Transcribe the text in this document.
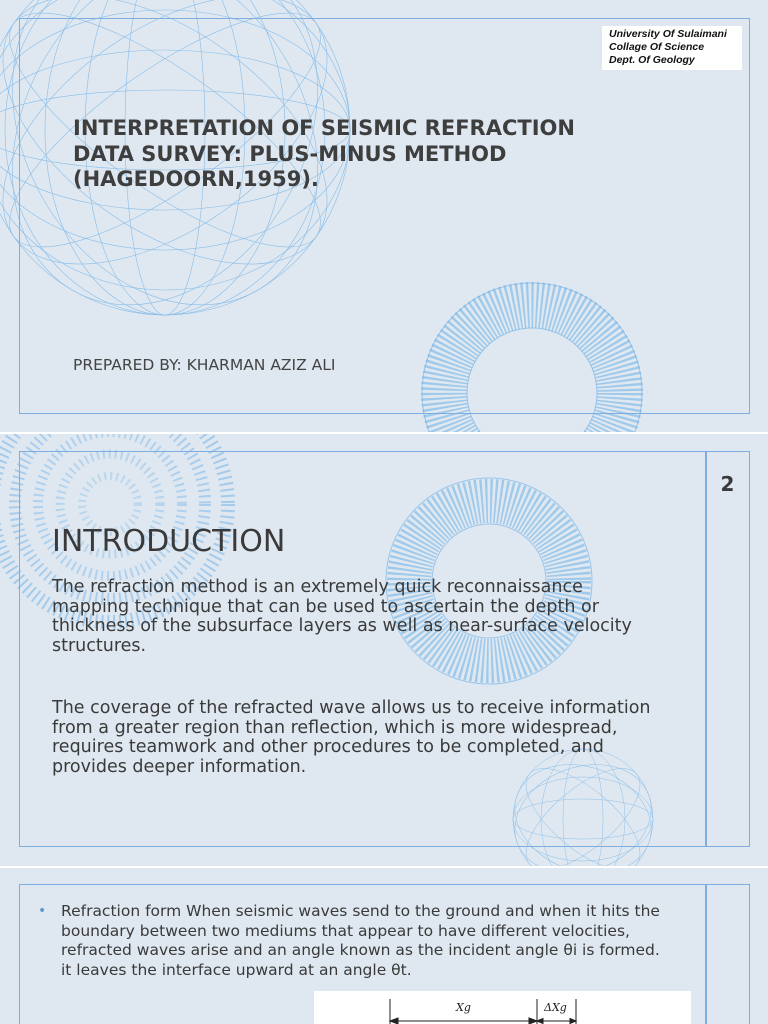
University Of Sulaimani
Collage Of Science
Dept. Of Geology
INTERPRETATION OF SEISMIC REFRACTION DATA SURVEY: PLUS-MINUS METHOD (HAGEDOORN,1959).
PREPARED BY: KHARMAN AZIZ ALI
2
INTRODUCTION
The refraction method is an extremely quick reconnaissance mapping technique that can be used to ascertain the depth or thickness of the subsurface layers as well as near-surface velocity structures.
The coverage of the refracted wave allows us to receive information from a greater region than reflection, which is more widespread, requires teamwork and other procedures to be completed, and provides deeper information.
• Refraction form When seismic waves send to the ground and when it hits the boundary between two mediums that appear to have different velocities, refracted waves arise and an angle known as the incident angle θi is formed. it leaves the interface upward at an angle θt.
Xg	ΔXg
